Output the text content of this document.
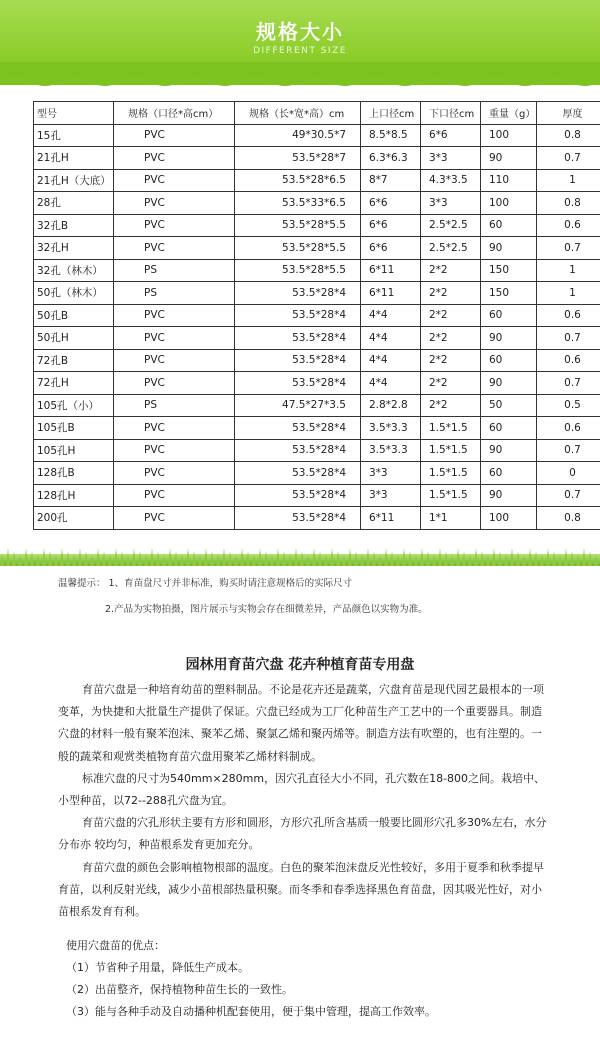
规格大小
DIFFERENT SIZE
型号	规格（口径*高cm）	规格（长*宽*高）cm	上口径cm	下口径cm	重量（g）	厚度
15孔	PVC	49*30.5*7	8.5*8.5	6*6	100	0.8
21孔H	PVC	53.5*28*7	6.3*6.3	3*3	90	0.7
21孔H（大底）	PVC	53.5*28*6.5	8*7	4.3*3.5	110	1
28孔	PVC	53.5*33*6.5	6*6	3*3	100	0.8
32孔B	PVC	53.5*28*5.5	6*6	2.5*2.5	60	0.6
32孔H	PVC	53.5*28*5.5	6*6	2.5*2.5	90	0.7
32孔（林木）	PS	53.5*28*5.5	6*11	2*2	150	1
50孔（林木）	PS	53.5*28*4	6*11	2*2	150	1
50孔B	PVC	53.5*28*4	4*4	2*2	60	0.6
50孔H	PVC	53.5*28*4	4*4	2*2	90	0.7
72孔B	PVC	53.5*28*4	4*4	2*2	60	0.6
72孔H	PVC	53.5*28*4	4*4	2*2	90	0.7
105孔（小）	PS	47.5*27*3.5	2.8*2.8	2*2	50	0.5
105孔B	PVC	53.5*28*4	3.5*3.3	1.5*1.5	60	0.6
105孔H	PVC	53.5*28*4	3.5*3.3	1.5*1.5	90	0.7
128孔B	PVC	53.5*28*4	3*3	1.5*1.5	60	0
128孔H	PVC	53.5*28*4	3*3	1.5*1.5	90	0.7
200孔	PVC	53.5*28*4	6*11	1*1	100	0.8
温馨提示： 1、育苗盘尺寸并非标准，购买时请注意规格后的实际尺寸
2.产品为实物拍摄，图片展示与实物会存在细微差异，产品颜色以实物为准。
园林用育苗穴盘 花卉种植育苗专用盘
育苗穴盘是一种培育幼苗的塑料制品。不论是花卉还是蔬菜，穴盘育苗是现代园艺最根本的一项变革，为快捷和大批量生产提供了保证。穴盘已经成为工厂化种苗生产工艺中的一个重要器具。制造穴盘的材料一般有聚苯泡沫、聚苯乙烯、聚氯乙烯和聚丙烯等。制造方法有吹塑的，也有注塑的。一般的蔬菜和观赏类植物育苗穴盘用聚苯乙烯材料制成。
标准穴盘的尺寸为540mm×280mm，因穴孔直径大小不同，孔穴数在18-800之间。栽培中、小型种苗，以72--288孔穴盘为宜。
育苗穴盘的穴孔形状主要有方形和圆形，方形穴孔所含基质一般要比圆形穴孔多30%左右，水分分布亦 较均匀，种苗根系发育更加充分。
育苗穴盘的颜色会影响植物根部的温度。白色的聚苯泡沫盘反光性较好，多用于夏季和秋季提早育苗，以利反射光线，减少小苗根部热量积聚。而冬季和春季选择黑色育苗盘，因其吸光性好，对小苗根系发育有利。
使用穴盘苗的优点：
（1）节省种子用量，降低生产成本。
（2）出苗整齐，保持植物种苗生长的一致性。
（3）能与各种手动及自动播种机配套使用，便于集中管理，提高工作效率。
